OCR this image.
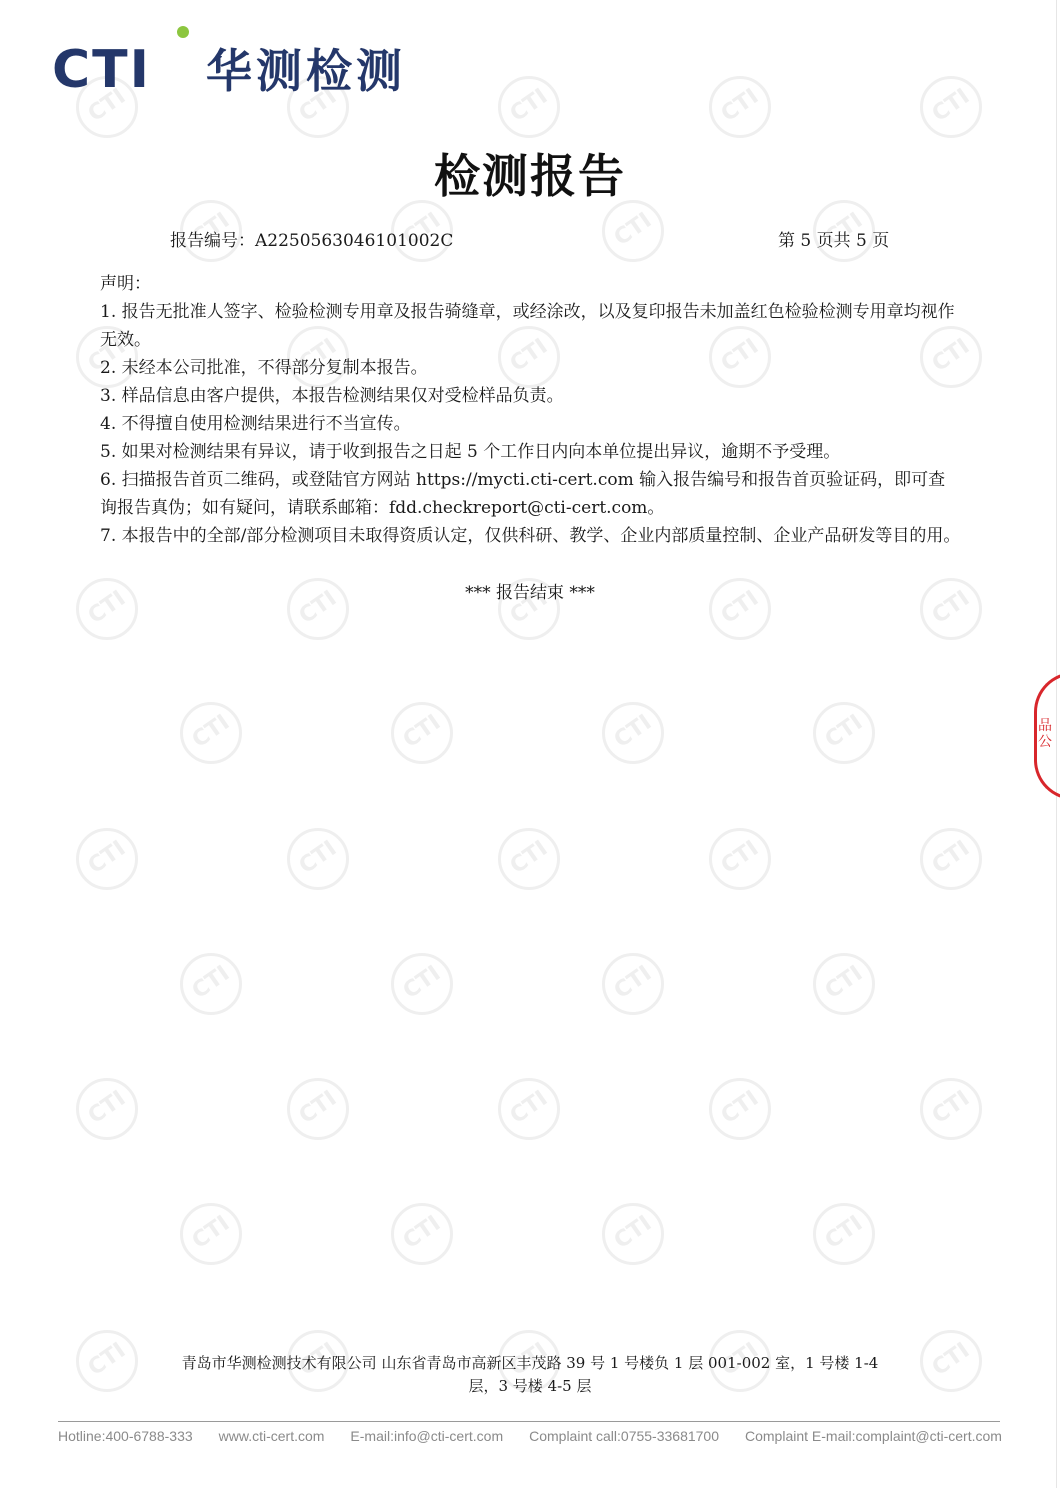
CTI
CTI
CTI
CTI
CTI
CTI
CTI
CTI
CTI
CTI
CTI
CTI
CTI
CTI
CTI
CTI
CTI
CTI
CTI
CTI
CTI
CTI
CTI
CTI
CTI
CTI
CTI
CTI
CTI
CTI
CTI
CTI
CTI
CTI
CTI
CTI
CTI
CTI
CTI
CTI
CTI
CTI
CTI
CTI
CTI
CTI
CTI 华测检测
检测报告
报告编号：A2250563046101002C	第 5 页共 5 页

声明：

1. 报告无批准人签字、检验检测专用章及报告骑缝章，或经涂改，以及复印报告未加盖红色检验检测专用章均视作无效。

2. 未经本公司批准，不得部分复制本报告。

3. 样品信息由客户提供，本报告检测结果仅对受检样品负责。

4. 不得擅自使用检测结果进行不当宣传。

5. 如果对检测结果有异议，请于收到报告之日起 5 个工作日内向本单位提出异议，逾期不予受理。

6. 扫描报告首页二维码，或登陆官方网站 https://mycti.cti-cert.com 输入报告编号和报告首页验证码，即可查询报告真伪；如有疑问，请联系邮箱：fdd.checkreport@cti-cert.com。

7. 本报告中的全部/部分检测项目未取得资质认定，仅供科研、教学、企业内部质量控制、企业产品研发等目的用。

*** 报告结束 ***
品
公
青岛市华测检测技术有限公司 山东省青岛市高新区丰茂路 39 号 1 号楼负 1 层 001-002 室，1 号楼 1-4
层，3 号楼 4-5 层
Hotline:400-6788-333 www.cti-cert.com E-mail:info@cti-cert.com Complaint call:0755-33681700 Complaint E-mail:complaint@cti-cert.com
